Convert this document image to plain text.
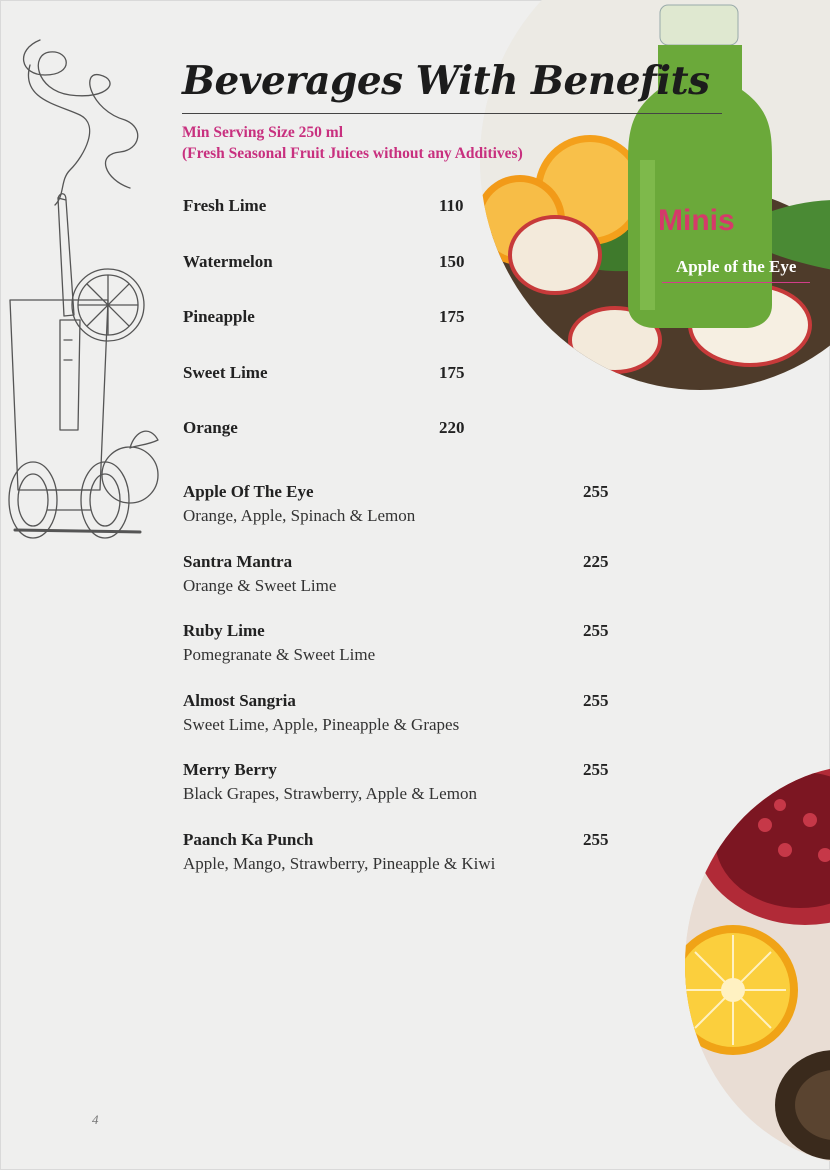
Minis
Apple of the Eye
Beverages With Benefits
Min Serving Size 250 ml
(Fresh Seasonal Fruit Juices without any Additives)
Fresh Lime	110
Watermelon	150
Pineapple	175
Sweet Lime	175
Orange	220
Apple Of The Eye	255
Orange, Apple, Spinach & Lemon
Santra Mantra	225
Orange & Sweet Lime
Ruby Lime	255
Pomegranate & Sweet Lime
Almost Sangria	255
Sweet Lime, Apple, Pineapple & Grapes
Merry Berry	255
Black Grapes, Strawberry, Apple & Lemon
Paanch Ka Punch	255
Apple, Mango, Strawberry, Pineapple & Kiwi
4
